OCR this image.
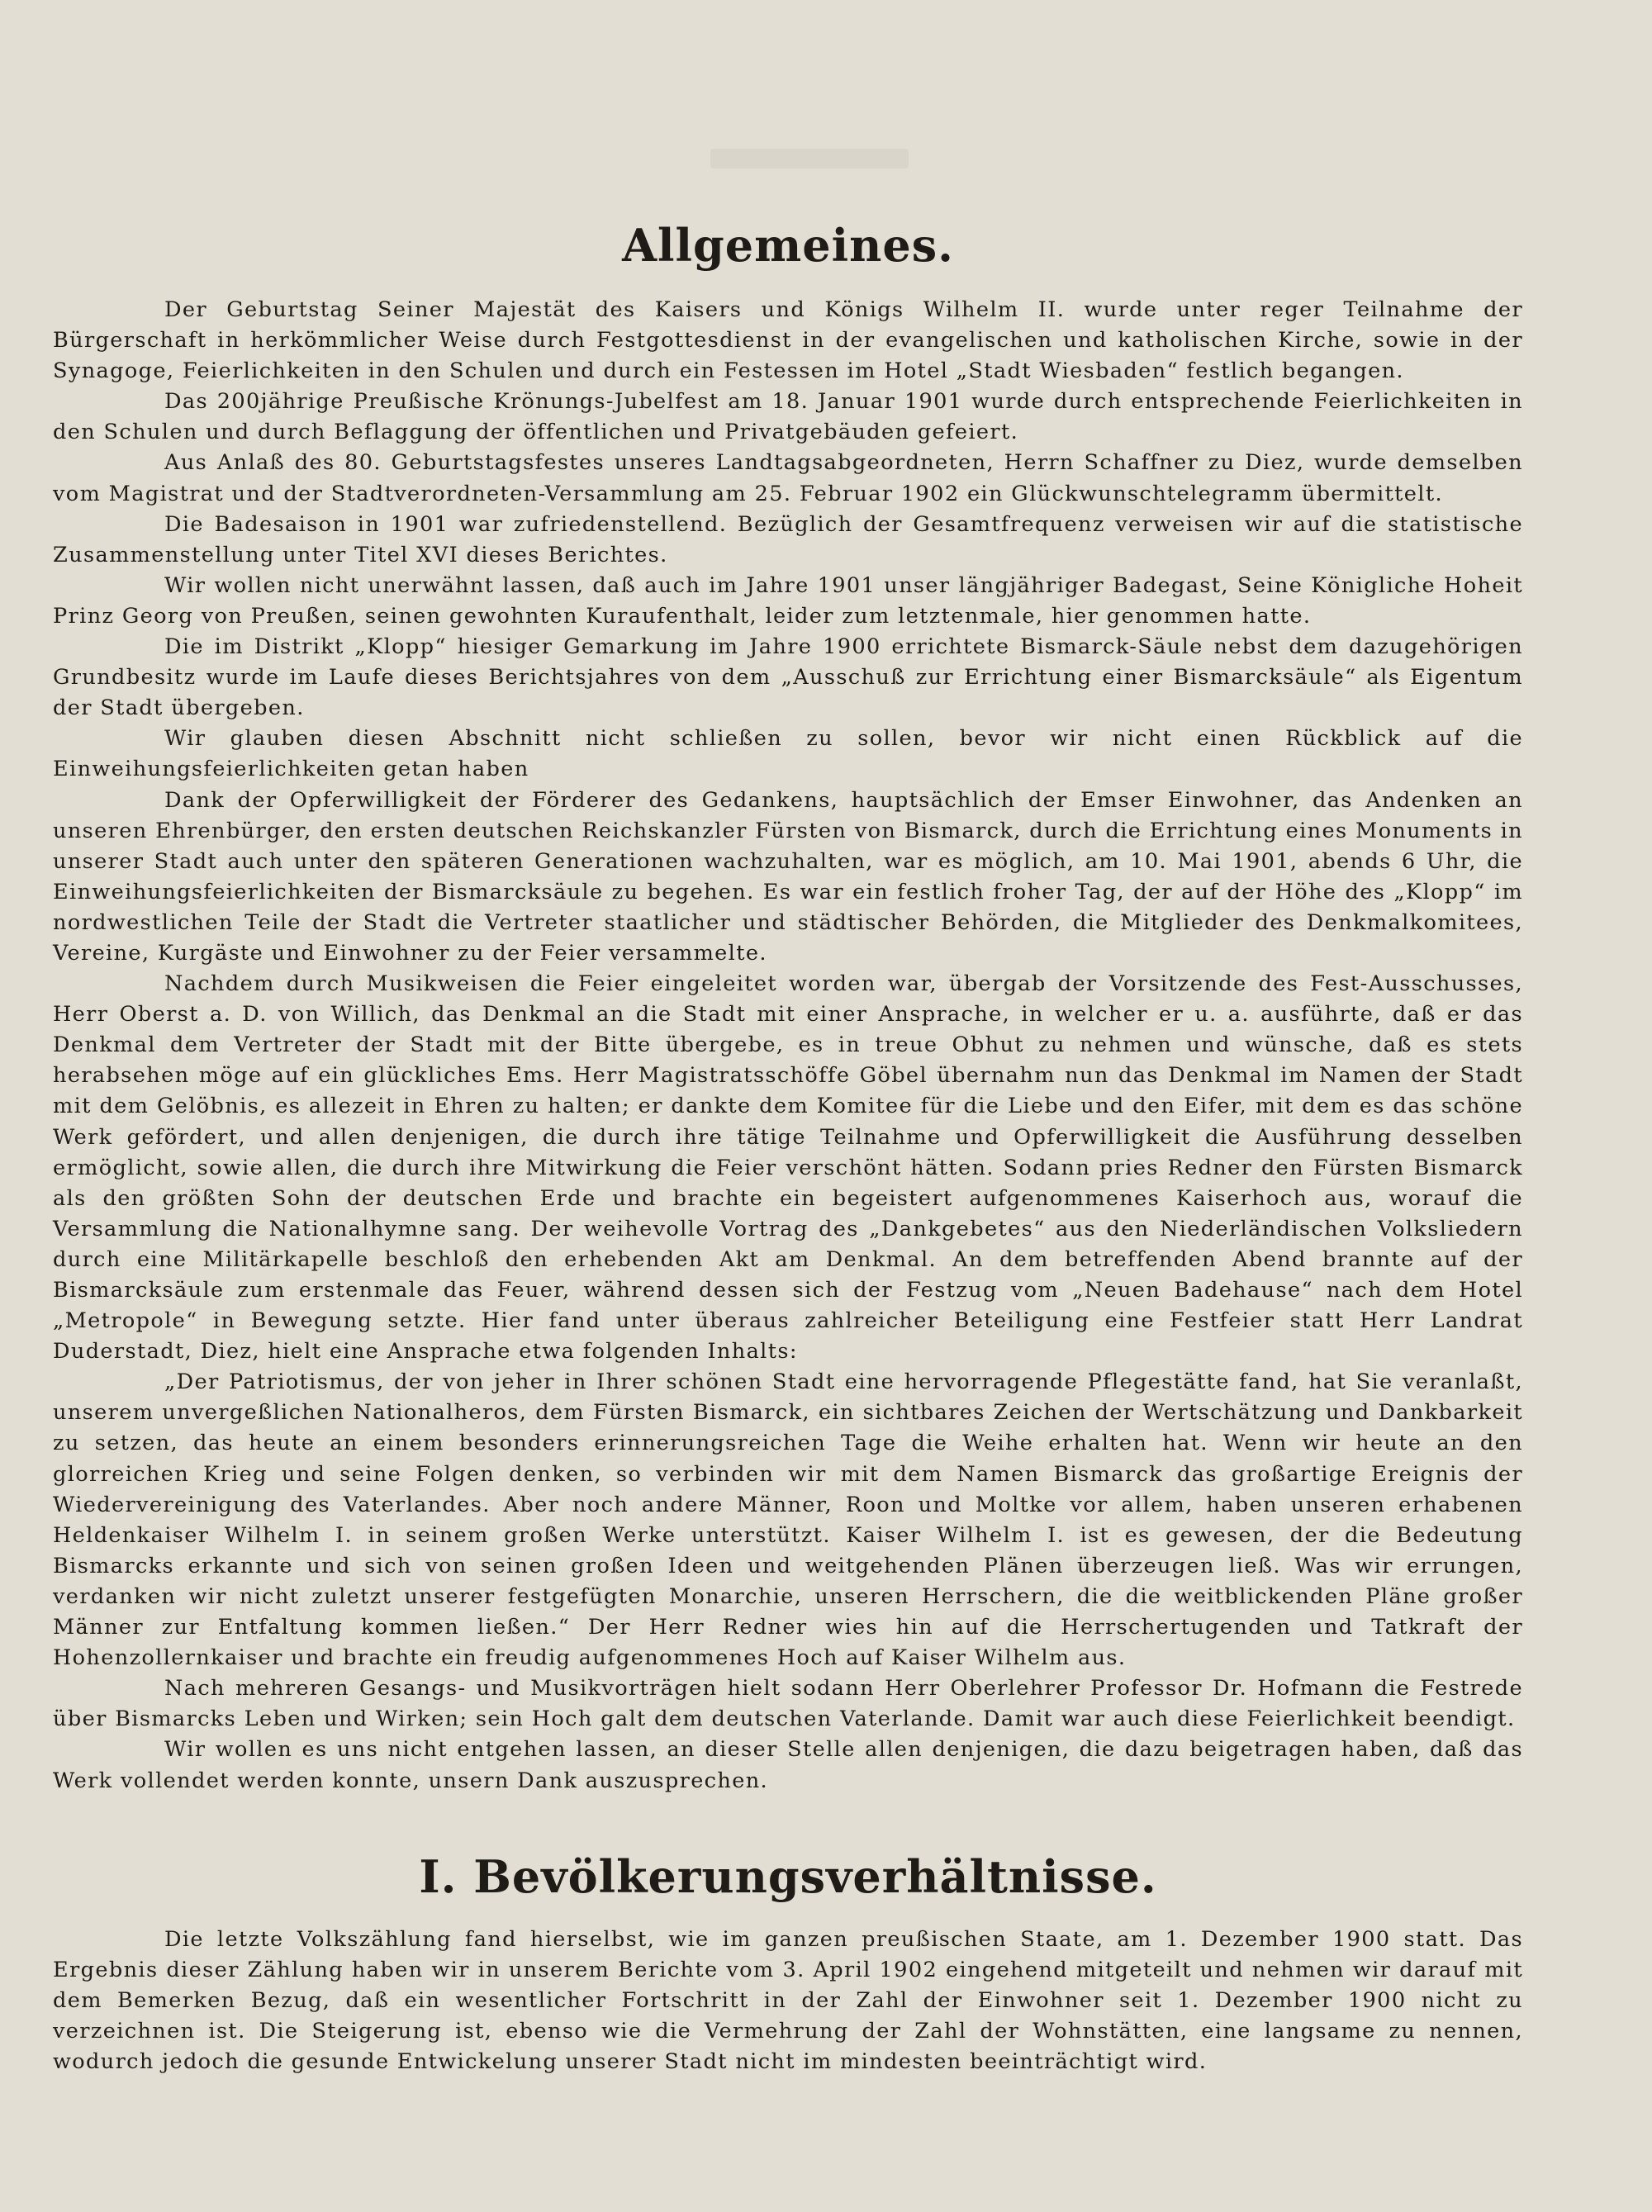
Allgemeines.

Der Geburtstag Seiner Majestät des Kaisers und Königs Wilhelm II. wurde unter reger Teilnahme der Bürgerschaft in herkömmlicher Weise durch Festgottesdienst in der evangelischen und katholischen Kirche, sowie in der Synagoge, Feierlichkeiten in den Schulen und durch ein Festessen im Hotel „Stadt Wiesbaden“ festlich begangen.

Das 200jährige Preußische Krönungs-Jubelfest am 18. Januar 1901 wurde durch entsprechende Feierlichkeiten in den Schulen und durch Beflaggung der öffentlichen und Privatgebäuden gefeiert.

Aus Anlaß des 80. Geburtstagsfestes unseres Landtagsabgeordneten, Herrn Schaffner zu Diez, wurde demselben vom Magistrat und der Stadtverordneten-Versammlung am 25. Februar 1902 ein Glückwunschtelegramm übermittelt.

Die Badesaison in 1901 war zufriedenstellend. Bezüglich der Gesamtfrequenz verweisen wir auf die statistische Zusammenstellung unter Titel XVI dieses Berichtes.

Wir wollen nicht unerwähnt lassen, daß auch im Jahre 1901 unser längjähriger Badegast, Seine Königliche Hoheit Prinz Georg von Preußen, seinen gewohnten Kuraufenthalt, leider zum letztenmale, hier genommen hatte.

Die im Distrikt „Klopp“ hiesiger Gemarkung im Jahre 1900 errichtete Bismarck-Säule nebst dem dazugehörigen Grundbesitz wurde im Laufe dieses Berichtsjahres von dem „Ausschuß zur Errichtung einer Bismarcksäule“ als Eigentum der Stadt übergeben.

Wir glauben diesen Abschnitt nicht schließen zu sollen, bevor wir nicht einen Rückblick auf die Einweihungsfeierlichkeiten getan haben

Dank der Opferwilligkeit der Förderer des Gedankens, hauptsächlich der Emser Einwohner, das Andenken an unseren Ehrenbürger, den ersten deutschen Reichskanzler Fürsten von Bismarck, durch die Errichtung eines Monuments in unserer Stadt auch unter den späteren Generationen wachzuhalten, war es möglich, am 10. Mai 1901, abends 6 Uhr, die Einweihungsfeierlichkeiten der Bismarcksäule zu begehen. Es war ein festlich froher Tag, der auf der Höhe des „Klopp“ im nordwestlichen Teile der Stadt die Vertreter staatlicher und städtischer Behörden, die Mitglieder des Denkmalkomitees, Vereine, Kurgäste und Einwohner zu der Feier versammelte.

Nachdem durch Musikweisen die Feier eingeleitet worden war, übergab der Vorsitzende des Fest-Ausschusses, Herr Oberst a. D. von Willich, das Denkmal an die Stadt mit einer Ansprache, in welcher er u. a. ausführte, daß er das Denkmal dem Vertreter der Stadt mit der Bitte übergebe, es in treue Obhut zu nehmen und wünsche, daß es stets herabsehen möge auf ein glückliches Ems. Herr Magistratsschöffe Göbel übernahm nun das Denkmal im Namen der Stadt mit dem Gelöbnis, es allezeit in Ehren zu halten; er dankte dem Komitee für die Liebe und den Eifer, mit dem es das schöne Werk gefördert, und allen denjenigen, die durch ihre tätige Teilnahme und Opferwilligkeit die Ausführung desselben ermöglicht, sowie allen, die durch ihre Mitwirkung die Feier verschönt hätten. Sodann pries Redner den Fürsten Bismarck als den größten Sohn der deutschen Erde und brachte ein begeistert aufgenommenes Kaiserhoch aus, worauf die Versammlung die Nationalhymne sang. Der weihevolle Vortrag des „Dankgebetes“ aus den Niederländischen Volksliedern durch eine Militärkapelle beschloß den erhebenden Akt am Denkmal. An dem betreffenden Abend brannte auf der Bismarcksäule zum erstenmale das Feuer, während dessen sich der Festzug vom „Neuen Badehause“ nach dem Hotel „Metropole“ in Bewegung setzte. Hier fand unter überaus zahlreicher Beteiligung eine Festfeier statt Herr Landrat Duderstadt, Diez, hielt eine Ansprache etwa folgenden Inhalts:

„Der Patriotismus, der von jeher in Ihrer schönen Stadt eine hervorragende Pflegestätte fand, hat Sie veranlaßt, unserem unvergeßlichen Nationalheros, dem Fürsten Bismarck, ein sichtbares Zeichen der Wertschätzung und Dankbarkeit zu setzen, das heute an einem besonders erinnerungsreichen Tage die Weihe erhalten hat. Wenn wir heute an den glorreichen Krieg und seine Folgen denken, so verbinden wir mit dem Namen Bismarck das großartige Ereignis der Wiedervereinigung des Vaterlandes. Aber noch andere Männer, Roon und Moltke vor allem, haben unseren erhabenen Heldenkaiser Wilhelm I. in seinem großen Werke unterstützt. Kaiser Wilhelm I. ist es gewesen, der die Bedeutung Bismarcks erkannte und sich von seinen großen Ideen und weitgehenden Plänen überzeugen ließ. Was wir errungen, verdanken wir nicht zuletzt unserer festgefügten Monarchie, unseren Herrschern, die die weitblickenden Pläne großer Männer zur Entfaltung kommen ließen.“ Der Herr Redner wies hin auf die Herrschertugenden und Tatkraft der Hohenzollernkaiser und brachte ein freudig aufgenommenes Hoch auf Kaiser Wilhelm aus.

Nach mehreren Gesangs- und Musikvorträgen hielt sodann Herr Oberlehrer Professor Dr. Hofmann die Festrede über Bismarcks Leben und Wirken; sein Hoch galt dem deutschen Vaterlande. Damit war auch diese Feierlichkeit beendigt.

Wir wollen es uns nicht entgehen lassen, an dieser Stelle allen denjenigen, die dazu beigetragen haben, daß das Werk vollendet werden konnte, unsern Dank auszusprechen.

I. Bevölkerungsverhältnisse.

Die letzte Volkszählung fand hierselbst, wie im ganzen preußischen Staate, am 1. Dezember 1900 statt. Das Ergebnis dieser Zählung haben wir in unserem Berichte vom 3. April 1902 eingehend mitgeteilt und nehmen wir darauf mit dem Bemerken Bezug, daß ein wesentlicher Fortschritt in der Zahl der Einwohner seit 1. Dezember 1900 nicht zu verzeichnen ist. Die Steigerung ist, ebenso wie die Vermehrung der Zahl der Wohnstätten, eine langsame zu nennen, wodurch jedoch die gesunde Entwickelung unserer Stadt nicht im mindesten beeinträchtigt wird.
